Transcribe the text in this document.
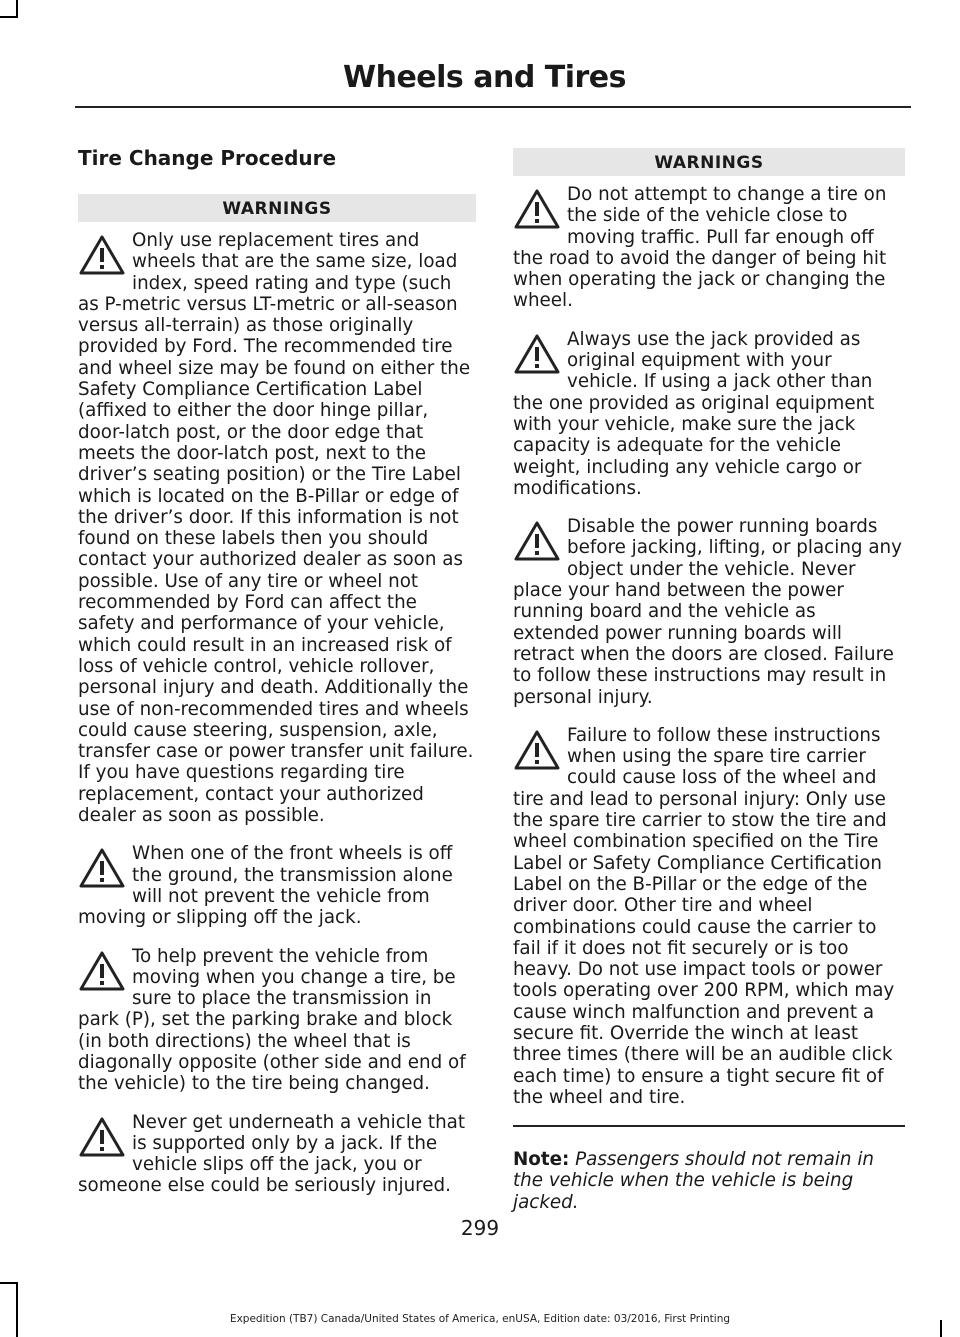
Wheels and Tires
Tire Change Procedure
WARNINGS
Only use replacement tires and wheels that are the same size, load index, speed rating and type (such as P-metric versus LT-metric or all-season versus all-terrain) as those originally provided by Ford. The recommended tire and wheel size may be found on either the Safety Compliance Certification Label (affixed to either the door hinge pillar, door-latch post, or the door edge that meets the door-latch post, next to the driver’s seating position) or the Tire Label which is located on the B-Pillar or edge of the driver’s door. If this information is not found on these labels then you should contact your authorized dealer as soon as possible. Use of any tire or wheel not recommended by Ford can affect the safety and performance of your vehicle, which could result in an increased risk of loss of vehicle control, vehicle rollover, personal injury and death. Additionally the use of non-recommended tires and wheels could cause steering, suspension, axle, transfer case or power transfer unit failure. If you have questions regarding tire replacement, contact your authorized dealer as soon as possible.
When one of the front wheels is off the ground, the transmission alone will not prevent the vehicle from moving or slipping off the jack.
To help prevent the vehicle from moving when you change a tire, be sure to place the transmission in park (P), set the parking brake and block (in both directions) the wheel that is diagonally opposite (other side and end of the vehicle) to the tire being changed.
Never get underneath a vehicle that is supported only by a jack. If the vehicle slips off the jack, you or someone else could be seriously injured.
WARNINGS
Do not attempt to change a tire on the side of the vehicle close to moving traffic. Pull far enough off the road to avoid the danger of being hit when operating the jack or changing the wheel.
Always use the jack provided as original equipment with your vehicle. If using a jack other than the one provided as original equipment with your vehicle, make sure the jack capacity is adequate for the vehicle weight, including any vehicle cargo or modifications.
Disable the power running boards before jacking, lifting, or placing any object under the vehicle. Never place your hand between the power running board and the vehicle as extended power running boards will retract when the doors are closed. Failure to follow these instructions may result in personal injury.
Failure to follow these instructions when using the spare tire carrier could cause loss of the wheel and tire and lead to personal injury: Only use the spare tire carrier to stow the tire and wheel combination specified on the Tire Label or Safety Compliance Certification Label on the B-Pillar or the edge of the driver door. Other tire and wheel combinations could cause the carrier to fail if it does not fit securely or is too heavy. Do not use impact tools or power tools operating over 200 RPM, which may cause winch malfunction and prevent a secure fit. Override the winch at least three times (there will be an audible click each time) to ensure a tight secure fit of the wheel and tire.
Note: Passengers should not remain in the vehicle when the vehicle is being jacked.
299
Expedition (TB7) Canada/United States of America, enUSA, Edition date: 03/2016, First Printing
